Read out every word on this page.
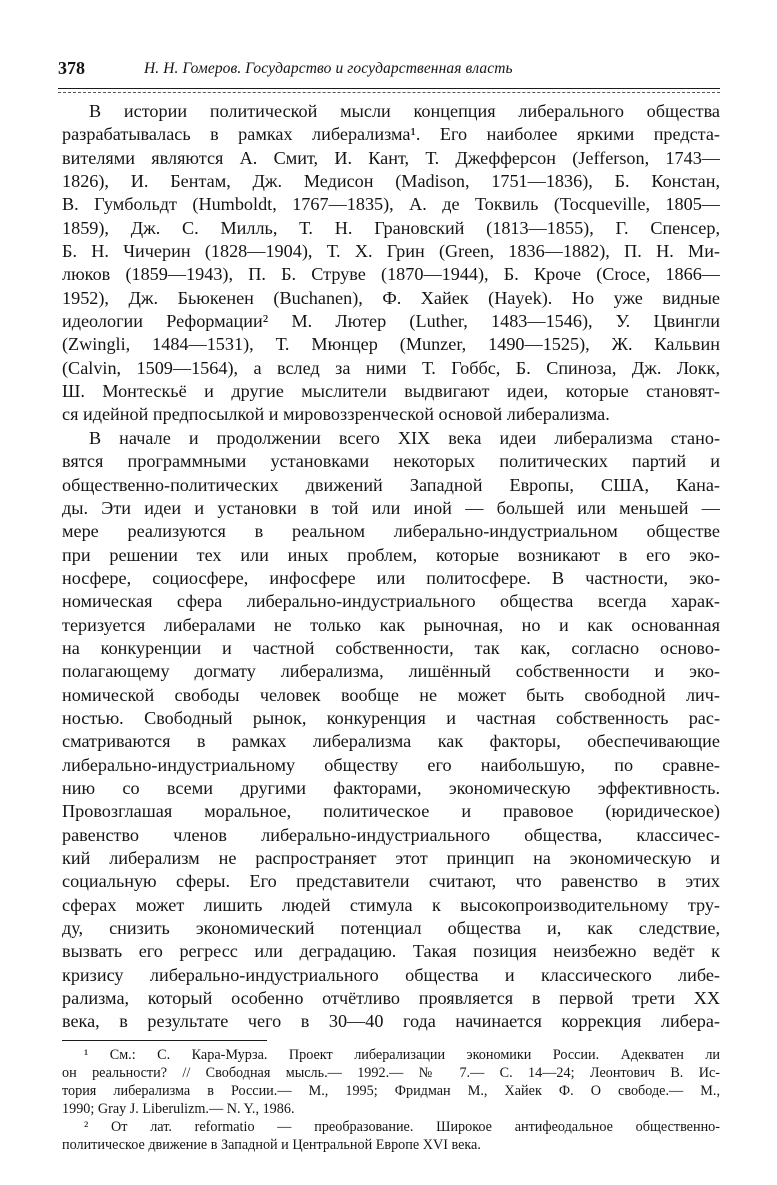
378	Н. Н. Гомеров. Государство и государственная власть
В истории политической мысли концепция либерального общества
разрабатывалась в рамках либерализма¹. Его наиболее яркими предста-
вителями являются А. Смит, И. Кант, Т. Джефферсон (Jefferson, 1743—
1826), И. Бентам, Дж. Медисон (Madison, 1751—1836), Б. Констан,
В. Гумбольдт (Humboldt, 1767—1835), А. де Токвиль (Tocqueville, 1805—
1859), Дж. С. Милль, Т. Н. Грановский (1813—1855), Г. Спенсер,
Б. Н. Чичерин (1828—1904), Т. Х. Грин (Green, 1836—1882), П. Н. Ми-
люков (1859—1943), П. Б. Струве (1870—1944), Б. Кроче (Croce, 1866—
1952), Дж. Бьюкенен (Buchanen), Ф. Хайек (Hayek). Но уже видные
идеологии Реформации² М. Лютер (Luther, 1483—1546), У. Цвингли
(Zwingli, 1484—1531), Т. Мюнцер (Munzer, 1490—1525), Ж. Кальвин
(Calvin, 1509—1564), а вслед за ними Т. Гоббс, Б. Спиноза, Дж. Локк,
Ш. Монтескьё и другие мыслители выдвигают идеи, которые становят-
ся идейной предпосылкой и мировоззренческой основой либерализма.
В начале и продолжении всего XIX века идеи либерализма стано-
вятся программными установками некоторых политических партий и
общественно-политических движений Западной Европы, США, Кана-
ды. Эти идеи и установки в той или иной — большей или меньшей —
мере реализуются в реальном либерально-индустриальном обществе
при решении тех или иных проблем, которые возникают в его эко-
носфере, социосфере, инфосфере или политосфере. В частности, эко-
номическая сфера либерально-индустриального общества всегда харак-
теризуется либералами не только как рыночная, но и как основанная
на конкуренции и частной собственности, так как, согласно осново-
полагающему догмату либерализма, лишённый собственности и эко-
номической свободы человек вообще не может быть свободной лич-
ностью. Свободный рынок, конкуренция и частная собственность рас-
сматриваются в рамках либерализма как факторы, обеспечивающие
либерально-индустриальному обществу его наибольшую, по сравне-
нию со всеми другими факторами, экономическую эффективность.
Провозглашая моральное, политическое и правовое (юридическое)
равенство членов либерально-индустриального общества, классичес-
кий либерализм не распространяет этот принцип на экономическую и
социальную сферы. Его представители считают, что равенство в этих
сферах может лишить людей стимула к высокопроизводительному тру-
ду, снизить экономический потенциал общества и, как следствие,
вызвать его регресс или деградацию. Такая позиция неизбежно ведёт к
кризису либерально-индустриального общества и классического либе-
рализма, который особенно отчётливо проявляется в первой трети XX
века, в результате чего в 30—40 года начинается коррекция либера-
¹ См.: С. Кара-Мурза. Проект либерализации экономики России. Адекватен ли
он реальности? // Свободная мысль.— 1992.— № 7.— С. 14—24; Леонтович В. Ис-
тория либерализма в России.— М., 1995; Фридман М., Хайек Ф. О свободе.— М.,
1990; Gray J. Liberulizm.— N. Y., 1986.
² От лат. reformatio — преобразование. Широкое антифеодальное общественно-
политическое движение в Западной и Центральной Европе XVI века.
